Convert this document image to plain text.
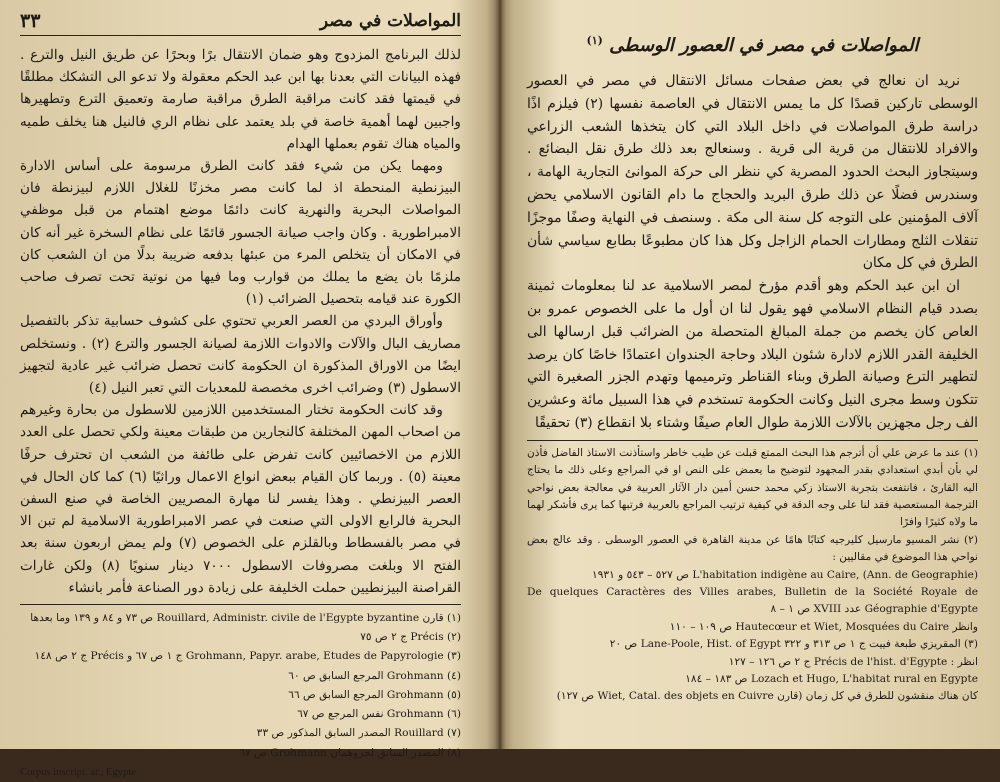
المواصلات في مصر
٣٣

لذلك البرنامج المزدوج وهو ضمان الانتقال برًا وبحرًا عن طريق النيل والترع . فهذه البيانات التي بعدنا بها ابن عبد الحكم معقولة ولا تدعو الى التشكك مطلقًا في قيمتها فقد كانت مراقبة الطرق مراقبة صارمة وتعميق الترع وتطهيرها واجبين لهما أهمية خاصة في بلد يعتمد على نظام الري فالنيل هنا يخلف طميه والمياه هناك تقوم بعملها الهدام

ومهما يكن من شيء فقد كانت الطرق مرسومة على أساس الادارة البيزنطية المنحطة اذ لما كانت مصر مخزنًا للغلال اللازم لبيزنطة فان المواصلات البحرية والنهرية كانت دائمًا موضع اهتمام من قبل موظفي الامبراطورية . وكان واجب صيانة الجسور قائمًا على نظام السخرة غير أنه كان في الامكان أن يتخلص المرء من عبئها بدفعه ضريبة بدلًا من ان الشعب كان ملزمًا بان يضع ما يملك من قوارب وما فيها من نوتية تحت تصرف صاحب الكورة عند قيامه بتحصيل الضرائب (١)

وأوراق البردي من العصر العربي تحتوي على كشوف حسابية تذكر بالتفصيل مصاريف البال والآلات والادوات اللازمة لصيانة الجسور والترع (٢) . ونستخلص ايضًا من الاوراق المذكورة ان الحكومة كانت تحصل ضرائب غير عادية لتجهيز الاسطول (٣) وضرائب اخرى مخصصة للمعديات التي تعبر النيل (٤)

وقد كانت الحكومة تختار المستخدمين اللازمين للاسطول من بحارة وغيرهم من اصحاب المهن المختلفة كالنجارين من طبقات معينة ولكي تحصل على العدد اللازم من الاخصائيين كانت تفرض على طائفة من الشعب ان تحترف حرفًا معينة (٥) . وربما كان القيام ببعض انواع الاعمال وراثيًا (٦) كما كان الحال في العصر البيزنطي . وهذا يفسر لنا مهارة المصريين الخاصة في صنع السفن البحرية فالرابع الاولى التي صنعت في عصر الامبراطورية الاسلامية لم تبن الا في مصر بالفسطاط وبالقلزم على الخصوص (٧) ولم يمض اربعون سنة بعد الفتح الا وبلغت مصروفات الاسطول ٧٠٠٠ دينار سنويًا (٨) ولكن غارات القراصنة البيزنطيين حملت الخليفة على زيادة دور الصناعة فأمر بانشاء

(١) قارن Rouillard, Administr. civile de l'Egypte byzantine ص ٧٣ و ٨٤ و ١٣٩ وما بعدها

(٢) Précis ج ٢ ص ٧٥

(٣) Grohmann, Papyr. arabe, Etudes de Papyrologie ج ١ ص ٦٧ و Précis ج ٢ ص ١٤٨

(٤) Grohmann المرجع السابق ص ٦٠

(٥) Grohmann المرجع السابق ص ٦٦

(٦) Grohmann نفس المرجع ص ٦٧

(٧) Rouillard المصدر السابق المذكور ص ٣٣

(٨) المصدر السابق لجروهمان Grohmann ص ٦٧

Corpus inscript. ar., Egypte

المواصلات في مصر في العصور الوسطى $^{(١)}$

نريد ان نعالج في بعض صفحات مسائل الانتقال في مصر في العصور الوسطى تاركين قصدًا كل ما يمس الانتقال في العاصمة نفسها (٢) فيلزم اذًا دراسة طرق المواصلات في داخل البلاد التي كان يتخذها الشعب الزراعي والافراد للانتقال من قرية الى قرية . وسنعالج بعد ذلك طرق نقل البضائع . وسيتجاوز البحث الحدود المصرية كي ننظر الى حركة الموانئ التجارية الهامة ، وسندرس فضلًا عن ذلك طرق البريد والحجاج ما دام القانون الاسلامي يحض آلاف المؤمنين على التوجه كل سنة الى مكة . وسنصف في النهاية وصفًا موجزًا تنقلات الثلج ومطارات الحمام الزاجل وكل هذا كان مطبوعًا بطابع سياسي شأن الطرق في كل مكان

ان ابن عبد الحكم وهو أقدم مؤرخ لمصر الاسلامية عد لنا بمعلومات ثمينة بصدد قيام النظام الاسلامي فهو يقول لنا ان أول ما على الخصوص عمرو بن العاص كان يخصم من جملة المبالغ المتحصلة من الضرائب قبل ارسالها الى الخليفة القدر اللازم لادارة شئون البلاد وحاجة الجندوان اعتمادًا خاصًا كان يرصد لتطهير الترع وصيانة الطرق وبناء القناطر وترميمها وتهدم الجزر الصغيرة التي تتكون وسط مجرى النيل وكانت الحكومة تستخدم في هذا السبيل مائة وعشرين الف رجل مجهزين بالآلات اللازمة طوال العام صيفًا وشتاء بلا انقطاع (٣) تحقيقًا

(١) عند ما عرض علي أن أترجم هذا البحث الممتع قبلت عن طيب خاطر واستأذنت الاستاذ الفاضل فأذن لي بأن أبدي استعدادي بقدر المجهود لتوضيح ما يعمض على النص او في المراجع وعلى ذلك ما يحتاج اليه القارئ ، فانتفعت بتجربة الاستاذ زكي محمد حسن أمين دار الآثار العربية في معالجة بعض نواحي الترجمة المستعصية فقد لنا على وجه الدقة في كيفية ترتيب المراجع بالعربية فرتبها كما يرى فأشكر لهما ما ولاه كثيرًا وافرًا

(٢) نشر المسيو مارسيل كليرجيه كتابًا هامًا عن مدينة القاهرة في العصور الوسطى . وقد عالج بعض نواحي هذا الموضوع في مقاليين :

L'habitation indigène au Caire, (Ann. de Geographie) ص ٥٢٧ – ٥٤٣ و ١٩٣١

De quelques Caractères des Villes arabes, Bulletin de la Société Royale de Géographie d'Egypte عدد XVIII ص ١ – ٨

وانظر Hautecœur et Wiet, Mosquées du Caire ص ١٠٩ – ١١٠

(٣) المقريزي طبعة فييت ج ١ ص ٣١٣ و ٣٢٢ Lane-Poole, Hist. of Egypt ص ٢٠

انظر : Précis de l'hist. d'Egypte ج ٢ ص ١٢٦ – ١٢٧

Lozach et Hugo, L'habitat rural en Egypte ص ١٨٣ – ١٨٤

كان هناك منقشون للطرق في كل زمان (قارن Wiet, Catal. des objets en Cuivre ص ١٢٧)
